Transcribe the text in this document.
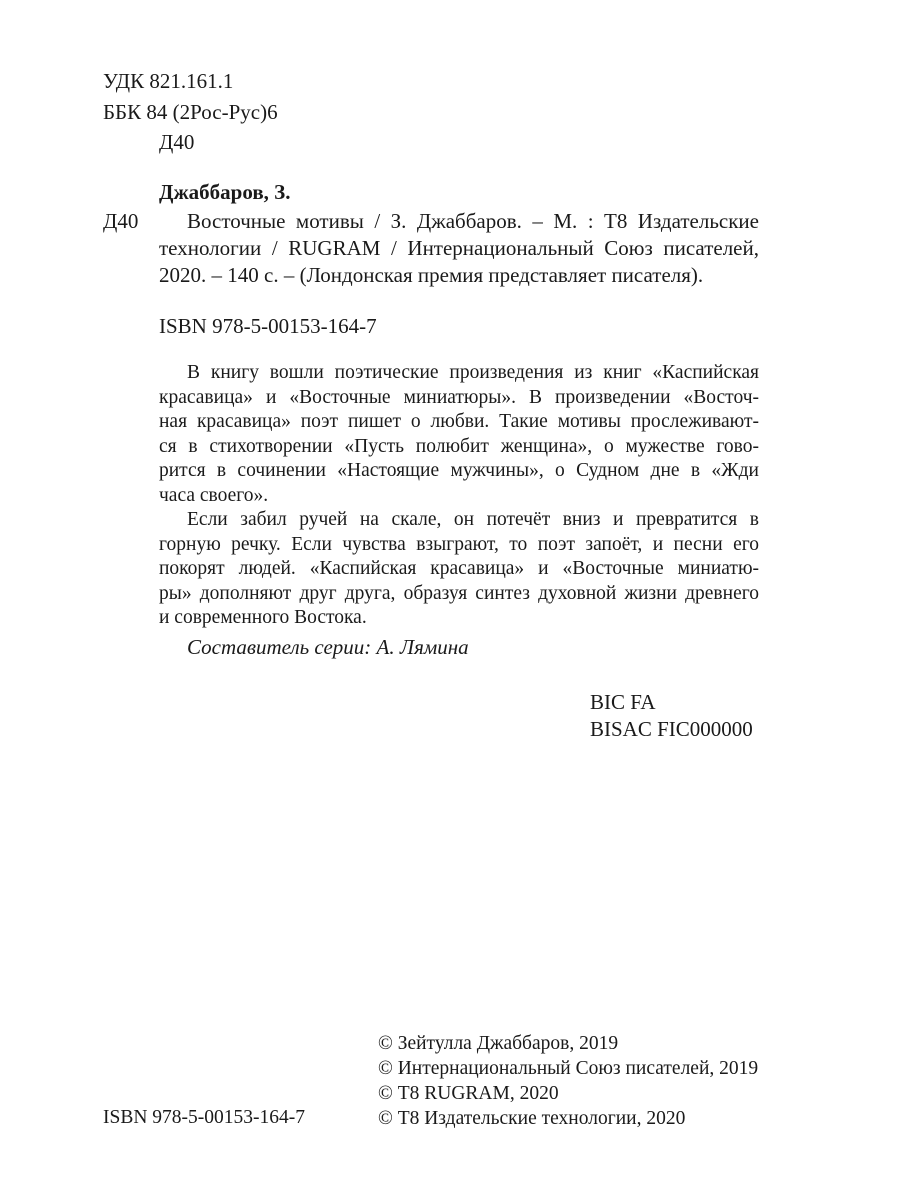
УДК 821.161.1
ББК 84 (2Рос-Рус)6
Д40
Джаббаров, З.
Д40 Восточные мотивы / З. Джаббаров. – М. : Т8 Издательские
технологии / RUGRAM / Интернациональный Союз писателей,
2020. – 140 с. – (Лондонская премия представляет писателя).
ISBN 978-5-00153-164-7
В книгу вошли поэтические произведения из книг «Каспийская
красавица» и «Восточные миниатюры». В произведении «Восточ-
ная красавица» поэт пишет о любви. Такие мотивы прослеживают-
ся в стихотворении «Пусть полюбит женщина», о мужестве гово-
рится в сочинении «Настоящие мужчины», о Судном дне в «Жди
часа своего».
Если забил ручей на скале, он потечёт вниз и превратится в
горную речку. Если чувства взыграют, то поэт запоёт, и песни его
покорят людей. «Каспийская красавица» и «Восточные миниатю-
ры» дополняют друг друга, образуя синтез духовной жизни древнего
и современного Востока.
Составитель серии: А. Лямина
BIC FA
BISAC FIC000000
© Зейтулла Джаббаров, 2019
© Интернациональный Союз писателей, 2019
© Т8 RUGRAM, 2020
© Т8 Издательские технологии, 2020
ISBN 978-5-00153-164-7
